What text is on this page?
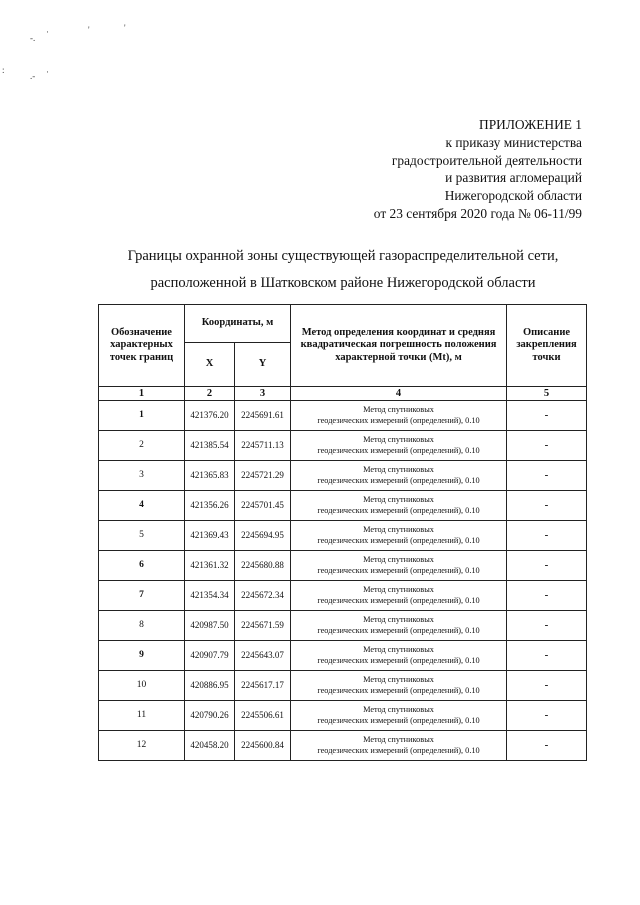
-.
·	'	'
:
.- ·
ПРИЛОЖЕНИЕ 1
к приказу министерства
градостроительной деятельности
и развития агломераций
Нижегородской области
от 23 сентября 2020 года № 06-11/99
Границы охранной зоны существующей газораспределительной сети,
расположенной в Шатковском районе Нижегородской области
Обозначение характерных точек границ	Координаты, м		Метод определения координат и средняя квадратическая погрешность положения характерной точки (Mt), м	Описание закрепления точки
	X	Y		
1	2	3	4	5
1	421376.20	2245691.61	Метод спутниковых
геодезических измерений (определений), 0.10	-
2	421385.54	2245711.13	Метод спутниковых
геодезических измерений (определений), 0.10	-
3	421365.83	2245721.29	Метод спутниковых
геодезических измерений (определений), 0.10	-
4	421356.26	2245701.45	Метод спутниковых
геодезических измерений (определений), 0.10	-
5	421369.43	2245694.95	Метод спутниковых
геодезических измерений (определений), 0.10	-
6	421361.32	2245680.88	Метод спутниковых
геодезических измерений (определений), 0.10	-
7	421354.34	2245672.34	Метод спутниковых
геодезических измерений (определений), 0.10	-
8	420987.50	2245671.59	Метод спутниковых
геодезических измерений (определений), 0.10	-
9	420907.79	2245643.07	Метод спутниковых
геодезических измерений (определений), 0.10	-
10	420886.95	2245617.17	Метод спутниковых
геодезических измерений (определений), 0.10	-
11	420790.26	2245506.61	Метод спутниковых
геодезических измерений (определений), 0.10	-
12	420458.20	2245600.84	Метод спутниковых
геодезических измерений (определений), 0.10	-
